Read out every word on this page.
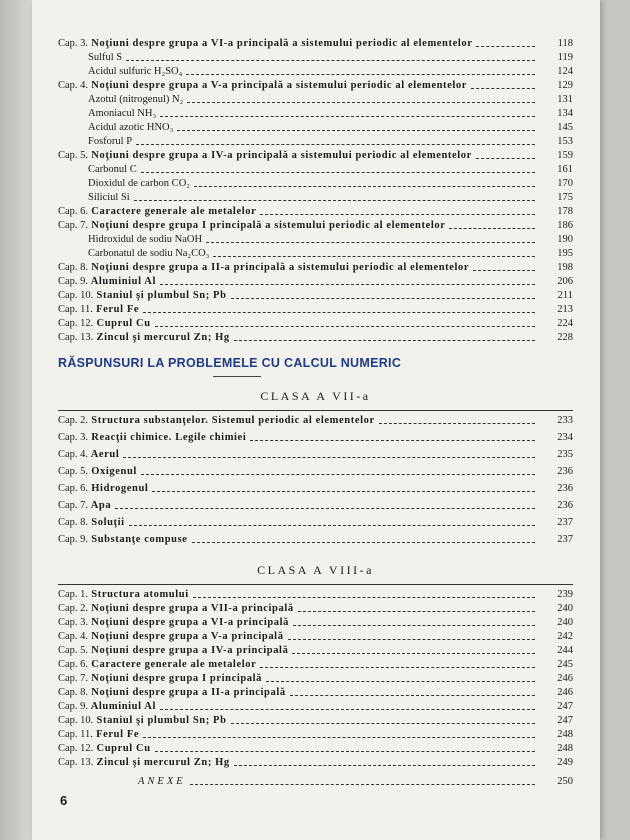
Cap. 3. Noţiuni despre grupa a VI-a principală a sistemului periodic al elementelor	118
Sulful S	119
Acidul sulfuric H₂SO₄	124
Cap. 4. Noţiuni despre grupa a V-a principală a sistemului periodic al elementelor	129
Azotul (nitrogenul) N₂	131
Amoniacul NH₃	134
Acidul azotic HNO₃	145
Fosforul P	153
Cap. 5. Noţiuni despre grupa a IV-a principală a sistemului periodic al elementelor	159
Carbonul C	161
Dioxidul de carbon CO₂	170
Siliciul Si	175
Cap. 6. Caractere generale ale metalelor	178
Cap. 7. Noţiuni despre grupa I principală a sistemului periodic al elementelor	186
Hidroxidul de sodiu NaOH	190
Carbonatul de sodiu Na₂CO₃	195
Cap. 8. Noţiuni despre grupa a II-a principală a sistemului periodic al elementelor	198
Cap. 9. Aluminiul Al	206
Cap. 10. Staniul şi plumbul Sn; Pb	211
Cap. 11. Ferul Fe	213
Cap. 12. Cuprul Cu	224
Cap. 13. Zincul şi mercurul Zn; Hg	228
RĂSPUNSURI LA PROBLEMELE CU CALCUL NUMERIC
CLASA A VII-a
Cap. 2. Structura substanţelor. Sistemul periodic al elementelor	233
Cap. 3. Reacţii chimice. Legile chimiei	234
Cap. 4. Aerul	235
Cap. 5. Oxigenul	236
Cap. 6. Hidrogenul	236
Cap. 7. Apa	236
Cap. 8. Soluţii	237
Cap. 9. Substanţe compuse	237
CLASA A VIII-a
Cap. 1. Structura atomului	239
Cap. 2. Noţiuni despre grupa a VII-a principală	240
Cap. 3. Noţiuni despre grupa a VI-a principală	240
Cap. 4. Noţiuni despre grupa a V-a principală	242
Cap. 5. Noţiuni despre grupa a IV-a principală	244
Cap. 6. Caractere generale ale metalelor	245
Cap. 7. Noţiuni despre grupa I principală	246
Cap. 8. Noţiuni despre grupa a II-a principală	246
Cap. 9. Aluminiul Al	247
Cap. 10. Staniul şi plumbul Sn; Pb	247
Cap. 11. Ferul Fe	248
Cap. 12. Cuprul Cu	248
Cap. 13. Zincul şi mercurul Zn; Hg	249
ANEXE	250
6
